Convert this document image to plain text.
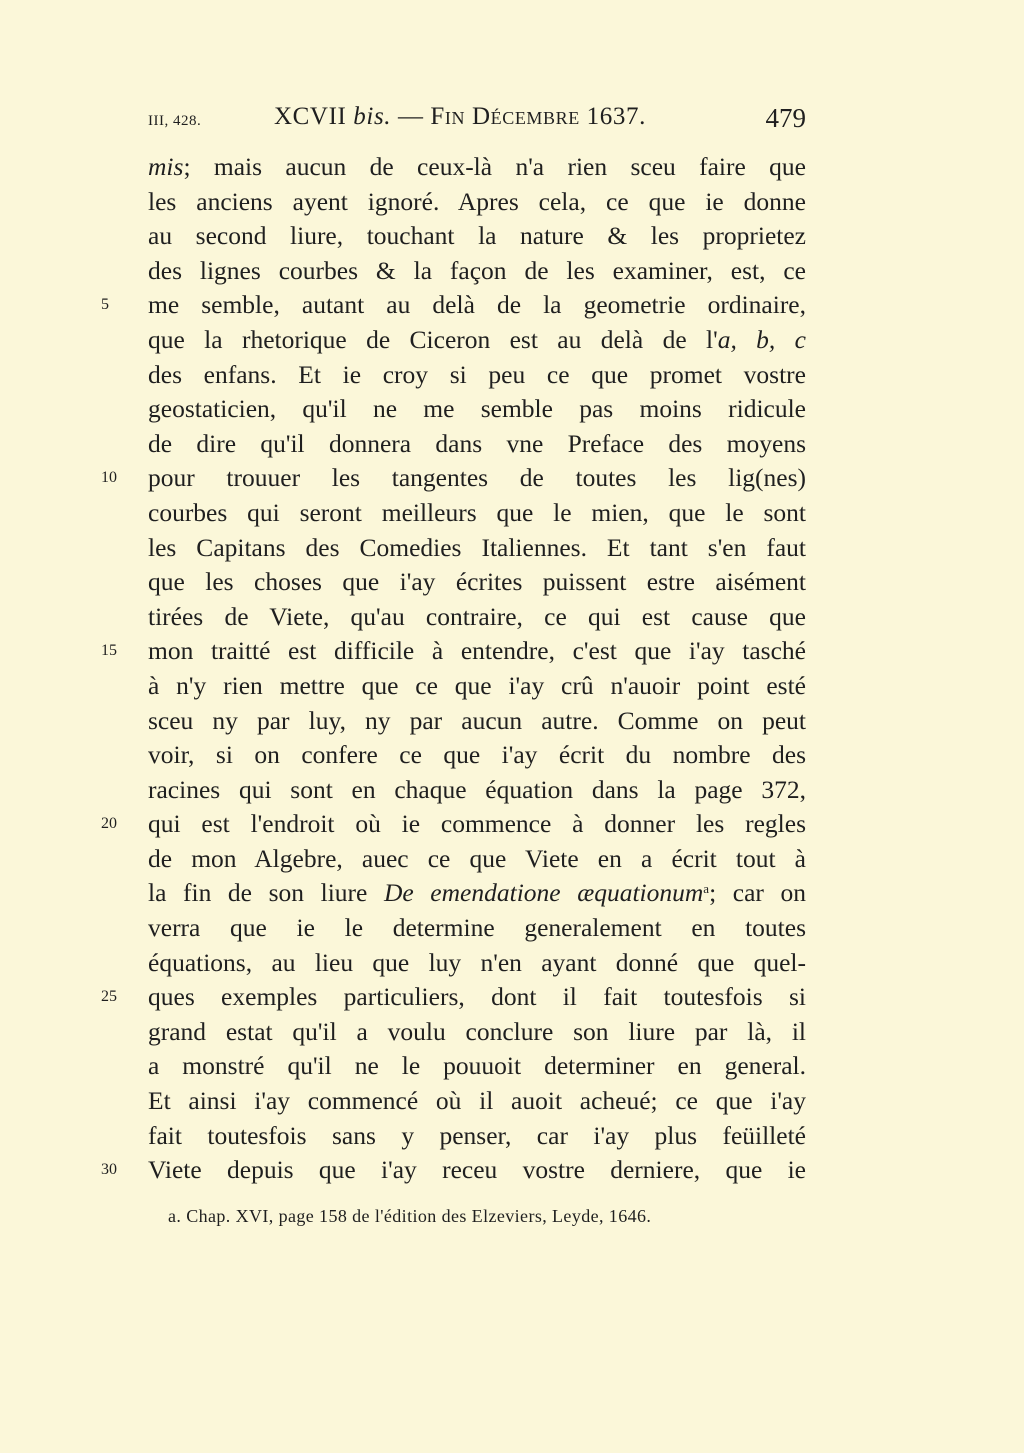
III, 428.	XCVII bis. — Fin Décembre 1637.	479
mis; mais aucun de ceux-là n'a rien sceu faire que
les anciens ayent ignoré. Apres cela, ce que ie donne
au second liure, touchant la nature & les proprietez
des lignes courbes & la façon de les examiner, est, ce
5	me semble, autant au delà de la geometrie ordinaire,
que la rhetorique de Ciceron est au delà de l'a, b, c
des enfans. Et ie croy si peu ce que promet vostre
geostaticien, qu'il ne me semble pas moins ridicule
de dire qu'il donnera dans vne Preface des moyens
10 pour trouuer les tangentes de toutes les lig(nes)
courbes qui seront meilleurs que le mien, que le sont
les Capitans des Comedies Italiennes. Et tant s'en faut
que les choses que i'ay écrites puissent estre aisément
tirées de Viete, qu'au contraire, ce qui est cause que
15 mon traitté est difficile à entendre, c'est que i'ay tasché
à n'y rien mettre que ce que i'ay crû n'auoir point esté
sceu ny par luy, ny par aucun autre. Comme on peut
voir, si on confere ce que i'ay écrit du nombre des
racines qui sont en chaque équation dans la page 372,
20 qui est l'endroit où ie commence à donner les regles
de mon Algebre, auec ce que Viete en a écrit tout à
la fin de son liure De emendatione æquationum$^a$; car on
verra que ie le determine generalement en toutes
équations, au lieu que luy n'en ayant donné que quel-
25 ques exemples particuliers, dont il fait toutesfois si
grand estat qu'il a voulu conclure son liure par là, il
a monstré qu'il ne le pouuoit determiner en general.
Et ainsi i'ay commencé où il auoit acheué; ce que i'ay
fait toutesfois sans y penser, car i'ay plus feüilleté
30 Viete depuis que i'ay receu vostre derniere, que ie
a. Chap. XVI, page 158 de l'édition des Elzeviers, Leyde, 1646.
